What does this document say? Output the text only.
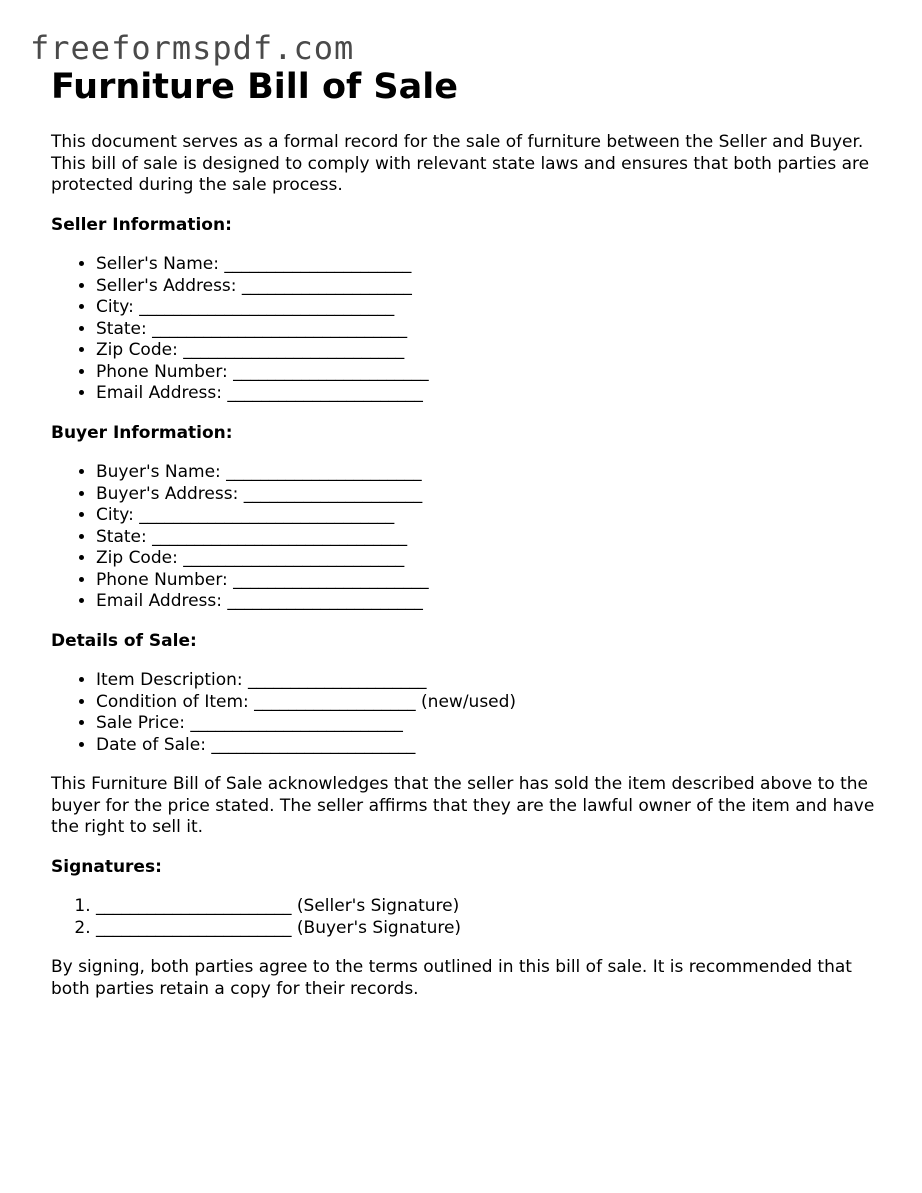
freeformspdf.com
Furniture Bill of Sale

This document serves as a formal record for the sale of furniture between the Seller and Buyer. This bill of sale is designed to comply with relevant state laws and ensures that both parties are protected during the sale process.

Seller Information:
• Seller's Name: ______________________
• Seller's Address: ____________________
• City: ______________________________
• State: ______________________________
• Zip Code: __________________________
• Phone Number: _______________________
• Email Address: _______________________
Buyer Information:
• Buyer's Name: _______________________
• Buyer's Address: _____________________
• City: ______________________________
• State: ______________________________
• Zip Code: __________________________
• Phone Number: _______________________
• Email Address: _______________________
Details of Sale:
• Item Description: _____________________
• Condition of Item: ___________________ (new/used)
• Sale Price: _________________________
• Date of Sale: ________________________

This Furniture Bill of Sale acknowledges that the seller has sold the item described above to the buyer for the price stated. The seller affirms that they are the lawful owner of the item and have the right to sell it.

Signatures:
1. _______________________ (Seller's Signature)
2. _______________________ (Buyer's Signature)

By signing, both parties agree to the terms outlined in this bill of sale. It is recommended that both parties retain a copy for their records.
